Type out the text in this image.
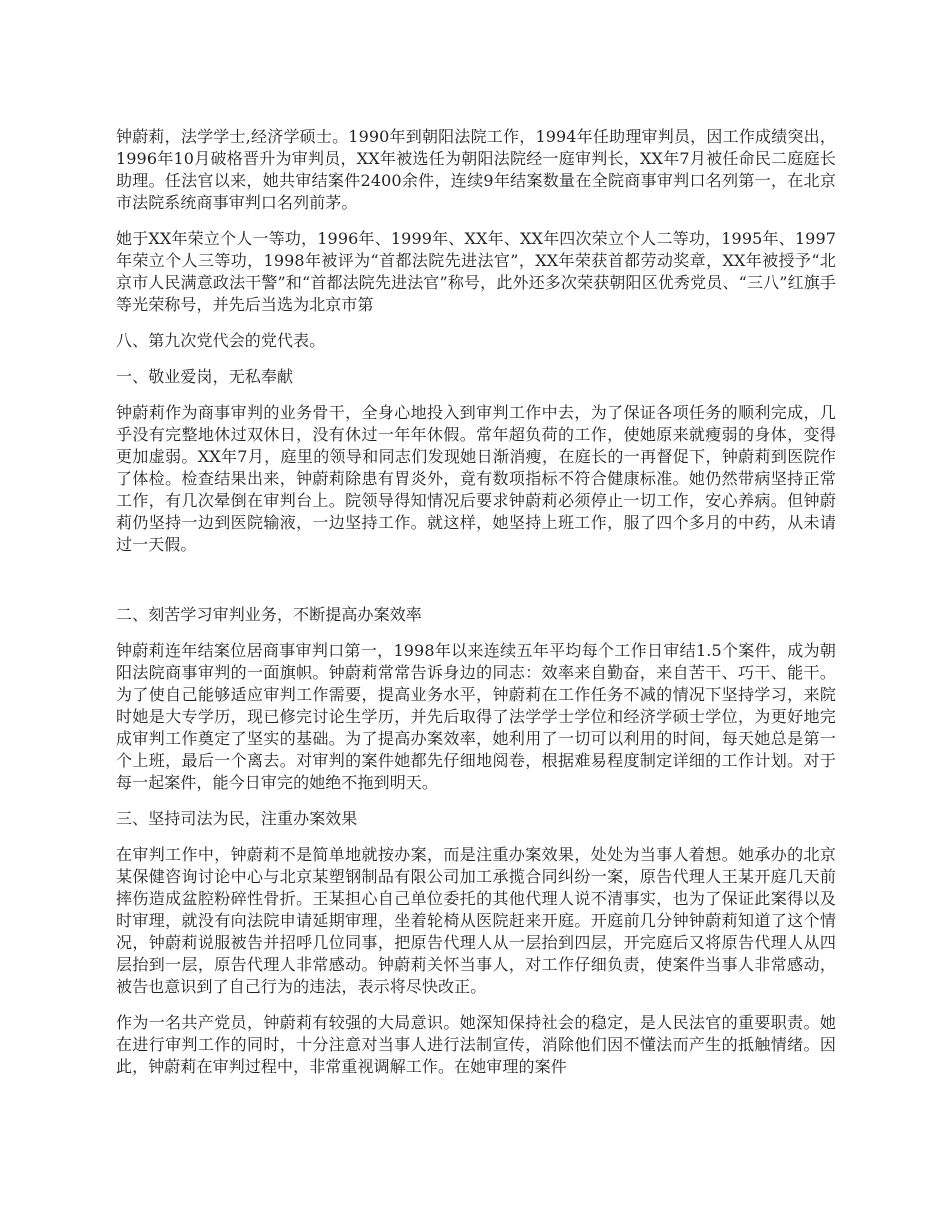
钟蔚莉，法学学士,经济学硕士。1990年到朝阳法院工作，1994年任助理审判员，因工作成绩突出，1996年10月破格晋升为审判员，XX年被选任为朝阳法院经一庭审判长，XX年7月被任命民二庭庭长助理。任法官以来，她共审结案件2400余件，连续9年结案数量在全院商事审判口名列第一，在北京市法院系统商事审判口名列前茅。

她于XX年荣立个人一等功，1996年、1999年、XX年、XX年四次荣立个人二等功，1995年、1997年荣立个人三等功，1998年被评为“首都法院先进法官”，XX年荣获首都劳动奖章，XX年被授予“北京市人民满意政法干警”和“首都法院先进法官”称号，此外还多次荣获朝阳区优秀党员、“三八”红旗手等光荣称号，并先后当选为北京市第

八、第九次党代会的党代表。

一、敬业爱岗，无私奉献

钟蔚莉作为商事审判的业务骨干，全身心地投入到审判工作中去，为了保证各项任务的顺利完成，几乎没有完整地休过双休日，没有休过一年年休假。常年超负荷的工作，使她原来就瘦弱的身体，变得更加虚弱。XX年7月，庭里的领导和同志们发现她日渐消瘦，在庭长的一再督促下，钟蔚莉到医院作了体检。检查结果出来，钟蔚莉除患有胃炎外，竟有数项指标不符合健康标准。她仍然带病坚持正常工作，有几次晕倒在审判台上。院领导得知情况后要求钟蔚莉必须停止一切工作，安心养病。但钟蔚莉仍坚持一边到医院输液，一边坚持工作。就这样，她坚持上班工作，服了四个多月的中药，从未请过一天假。

二、刻苦学习审判业务，不断提高办案效率

钟蔚莉连年结案位居商事审判口第一，1998年以来连续五年平均每个工作日审结1.5个案件，成为朝阳法院商事审判的一面旗帜。钟蔚莉常常告诉身边的同志：效率来自勤奋，来自苦干、巧干、能干。为了使自己能够适应审判工作需要，提高业务水平，钟蔚莉在工作任务不减的情况下坚持学习，来院时她是大专学历，现已修完讨论生学历，并先后取得了法学学士学位和经济学硕士学位，为更好地完成审判工作奠定了坚实的基础。为了提高办案效率，她利用了一切可以利用的时间，每天她总是第一个上班，最后一个离去。对审判的案件她都先仔细地阅卷，根据难易程度制定详细的工作计划。对于每一起案件，能今日审完的她绝不拖到明天。

三、坚持司法为民，注重办案效果

在审判工作中，钟蔚莉不是简单地就按办案，而是注重办案效果，处处为当事人着想。她承办的北京某保健咨询讨论中心与北京某塑钢制品有限公司加工承揽合同纠纷一案，原告代理人王某开庭几天前摔伤造成盆腔粉碎性骨折。王某担心自己单位委托的其他代理人说不清事实，也为了保证此案得以及时审理，就没有向法院申请延期审理，坐着轮椅从医院赶来开庭。开庭前几分钟钟蔚莉知道了这个情况，钟蔚莉说服被告并招呼几位同事，把原告代理人从一层抬到四层，开完庭后又将原告代理人从四层抬到一层，原告代理人非常感动。钟蔚莉关怀当事人，对工作仔细负责，使案件当事人非常感动，被告也意识到了自己行为的违法，表示将尽快改正。

作为一名共产党员，钟蔚莉有较强的大局意识。她深知保持社会的稳定，是人民法官的重要职责。她在进行审判工作的同时，十分注意对当事人进行法制宣传，消除他们因不懂法而产生的抵触情绪。因此，钟蔚莉在审判过程中，非常重视调解工作。在她审理的案件
